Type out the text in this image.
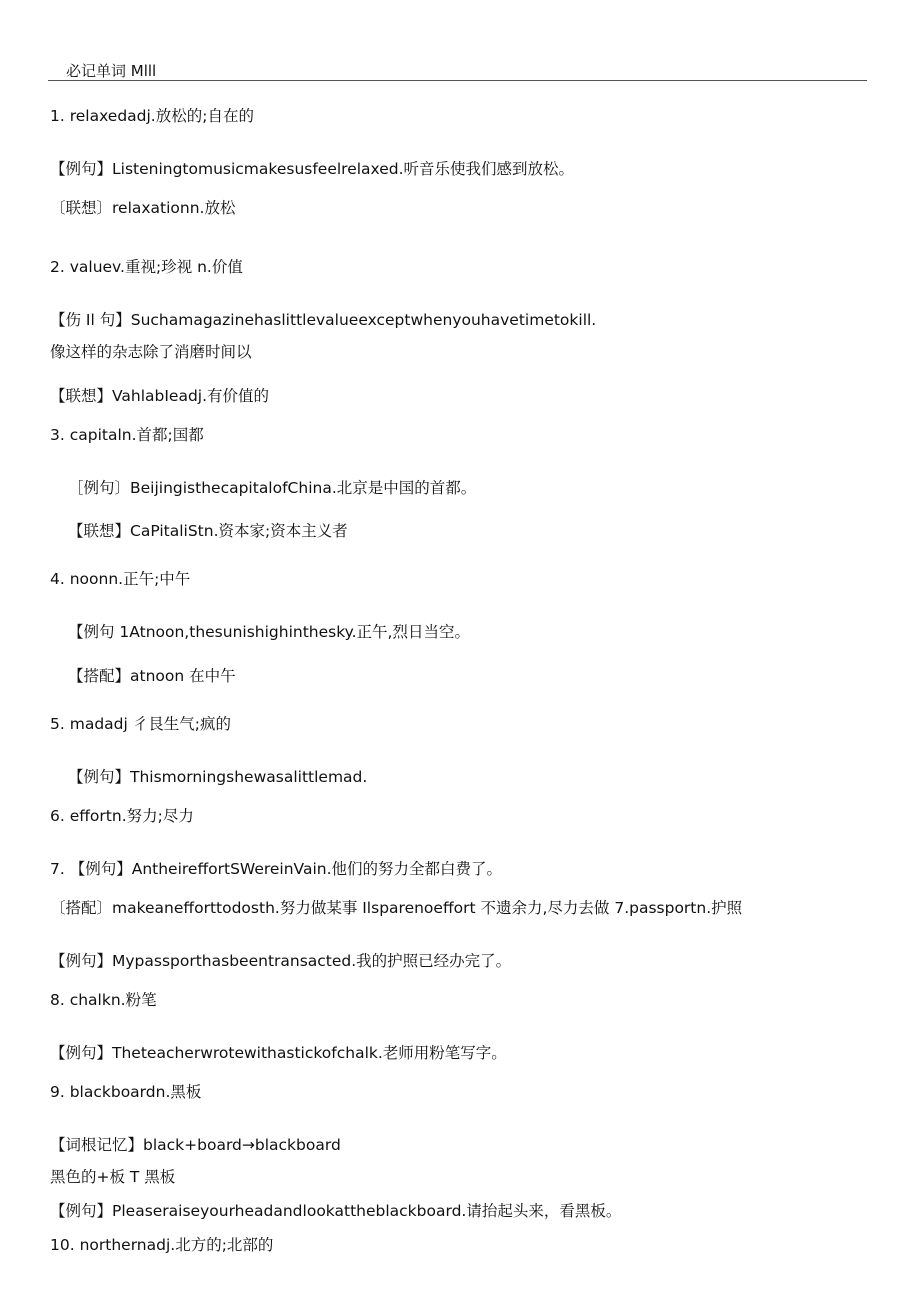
必记单词 Mlll
1. relaxedadj.放松的;自在的
【例句】Listeningtomusicmakesusfeelrelaxed.听音乐使我们感到放松。
〔联想〕relaxationn.放松
2. valuev.重视;珍视 n.价值
【伤 Il 句】Suchamagazinehaslittlevalueexceptwhenyouhavetimetokill.
像这样的杂志除了消磨时间以
【联想】VahlabIeadj.有价值的
3. capitaln.首都;国都
［例句〕BeijingisthecapitalofChina.北京是中国的首都。
【联想】CaPitaliStn.资本家;资本主义者
4. noonn.正午;中午
【例句 1Atnoon,thesunishighinthesky.正午,烈日当空。
【搭配】atnoon 在中午
5. madadj 彳艮生气;疯的
【例句】Thismorningshewasalittlemad.
6. effortn.努力;尽力
7. 【例句】AntheireffortSWereinVain.他们的努力全都白费了。
〔搭配〕makeanefforttodosth.努力做某事 Ilsparenoeffort 不遗余力,尽力去做 7.passportn.护照
【例句】Mypassporthasbeentransacted.我的护照已经办完了。
8. chalkn.粉笔
【例句】Theteacherwrotewithastickofchalk.老师用粉笔写字。
9. blackboardn.黑板
【词根记忆】black+board→blackboard
黑色的+板 T 黑板
【例句】Pleaseraiseyourheadandlookattheblackboard.请抬起头来，看黑板。
10. northernadj.北方的;北部的
